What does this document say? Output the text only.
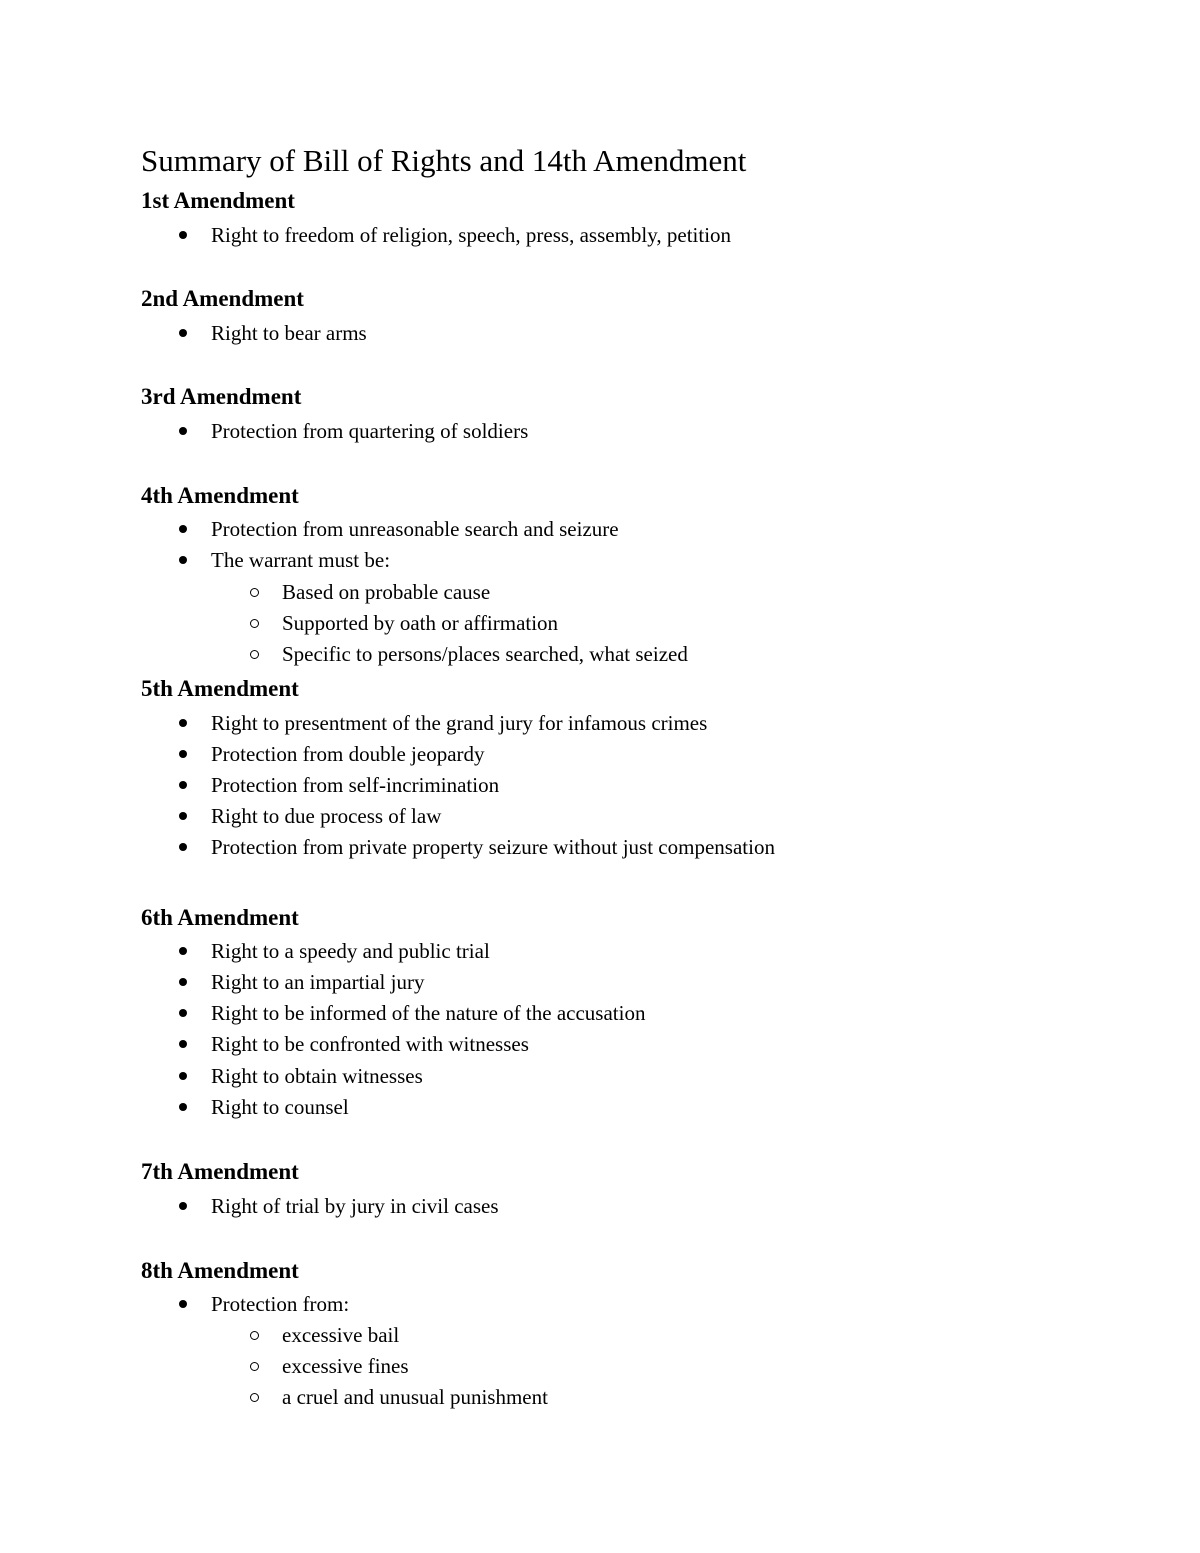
Summary of Bill of Rights and 14th Amendment
1st Amendment
Right to freedom of religion, speech, press, assembly, petition
2nd Amendment
Right to bear arms
3rd Amendment
Protection from quartering of soldiers
4th Amendment
Protection from unreasonable search and seizure
The warrant must be:
Based on probable cause
Supported by oath or affirmation
Specific to persons/places searched, what seized
5th Amendment
Right to presentment of the grand jury for infamous crimes
Protection from double jeopardy
Protection from self-incrimination
Right to due process of law
Protection from private property seizure without just compensation
6th Amendment
Right to a speedy and public trial
Right to an impartial jury
Right to be informed of the nature of the accusation
Right to be confronted with witnesses
Right to obtain witnesses
Right to counsel
7th Amendment
Right of trial by jury in civil cases
8th Amendment
Protection from:
excessive bail
excessive fines
a cruel and unusual punishment
